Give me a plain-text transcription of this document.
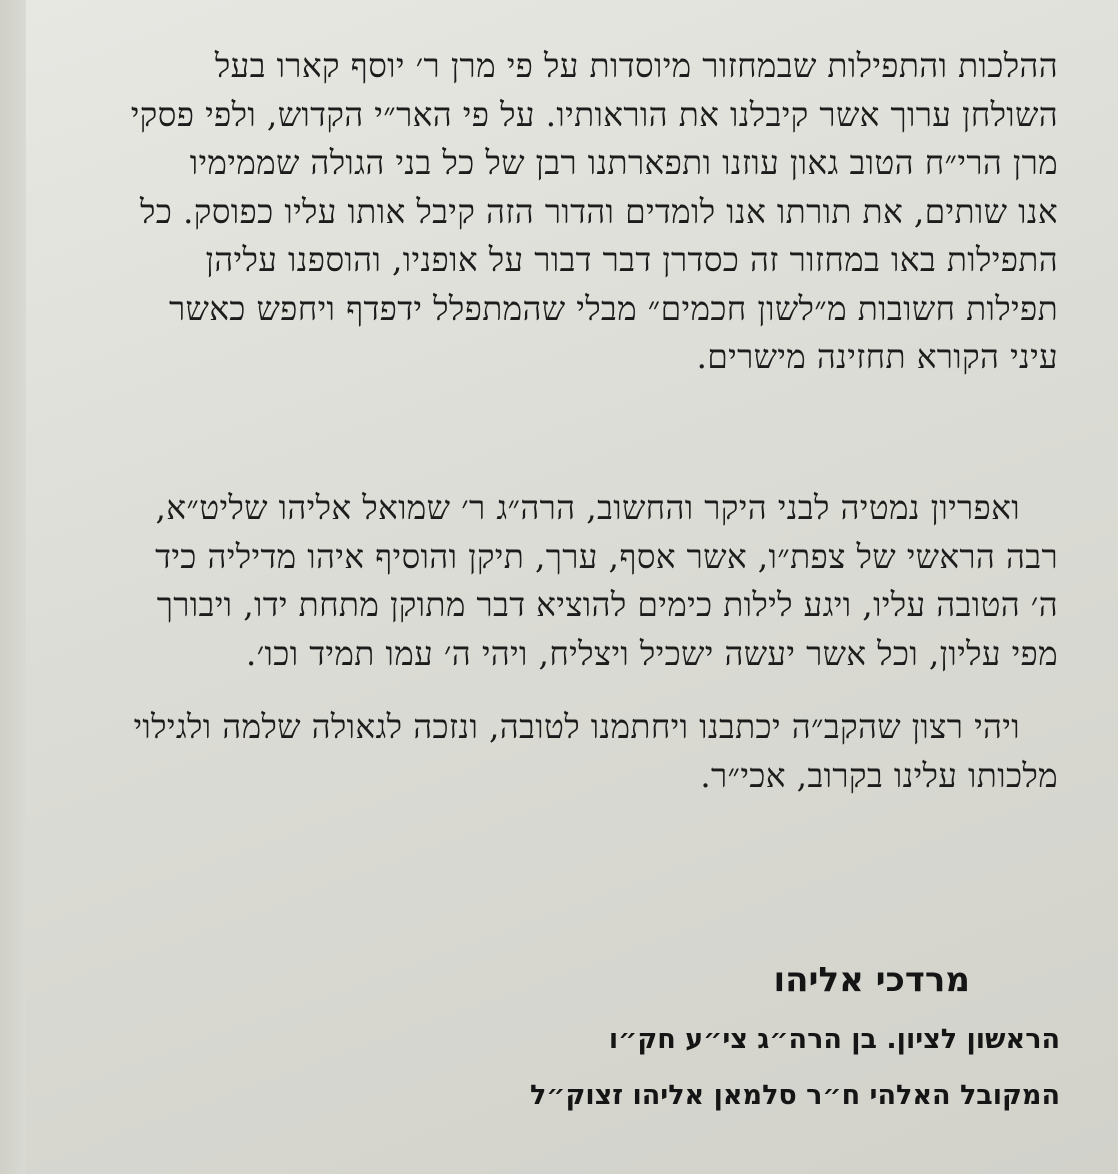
ההלכות והתפילות שבמחזור מיוסדות על פי מרן ר׳ יוסף קארו בעל
השולחן ערוך אשר קיבלנו את הוראותיו. על פי האר״י הקדוש, ולפי פסקי
מרן הרי״ח הטוב גאון עוזנו ותפארתנו רבן של כל בני הגולה שממימיו
אנו שותים, את תורתו אנו לומדים והדור הזה קיבל אותו עליו כפוסק. כל
התפילות באו במחזור זה כסדרן דבר דבור על אופניו, והוספנו עליהן
תפילות חשובות מ״לשון חכמים״ מבלי שהמתפלל ידפדף ויחפש כאשר
עיני הקורא תחזינה מישרים.
ואפריון נמטיה לבני היקר והחשוב, הרה״ג ר׳ שמואל אליהו שליט״א,
רבה הראשי של צפת״ו, אשר אסף, ערך, תיקן והוסיף איהו מדיליה כיד
ה׳ הטובה עליו, ויגע לילות כימים להוציא דבר מתוקן מתחת ידו, ויבורך
מפי עליון, וכל אשר יעשה ישכיל ויצליח, ויהי ה׳ עמו תמיד וכו׳.
ויהי רצון שהקב״ה יכתבנו ויחתמנו לטובה, ונזכה לגאולה שלמה ולגילוי
מלכותו עלינו בקרוב, אכי״ר.
מרדכי אליהו
הראשון לציון. בן הרה״ג צי״ע חק״ו
המקובל האלהי ח״ר סלמאן אליהו זצוק״ל
